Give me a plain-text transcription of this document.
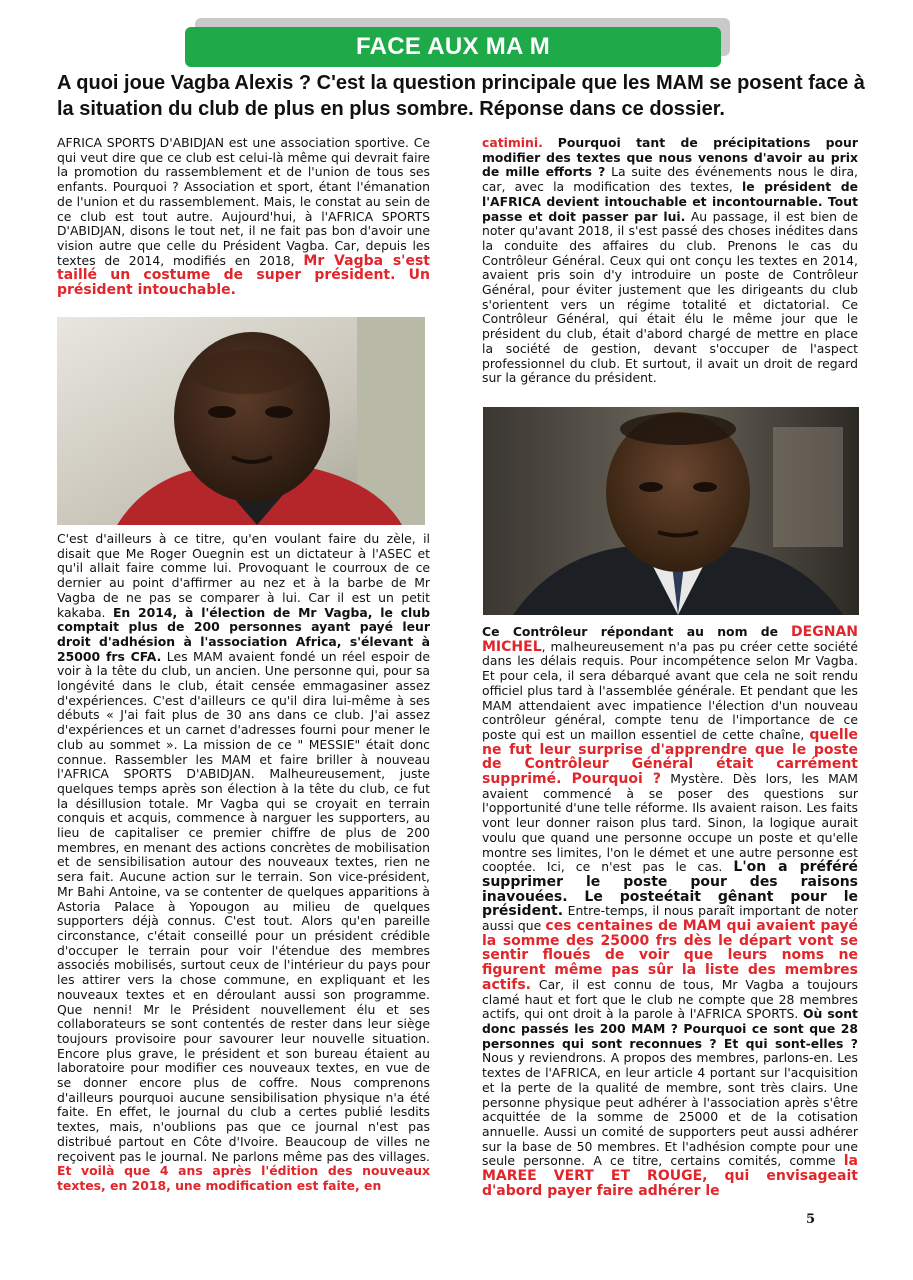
FACE AUX MA M
A quoi joue Vagba Alexis ? C'est la question principale que les MAM se posent face à la situation du club de plus en plus sombre. Réponse dans ce dossier.

AFRICA SPORTS D'ABIDJAN est une association sportive. Ce qui veut dire que ce club est celui-là même qui devrait faire la promotion du rassemblement et de l'union de tous ses enfants. Pourquoi ? Association et sport, étant l'émanation de l'union et du rassemblement. Mais, le constat au sein de ce club est tout autre. Aujourd'hui, à l'AFRICA SPORTS D'ABIDJAN, disons le tout net, il ne fait pas bon d'avoir une vision autre que celle du Président Vagba. Car, depuis les textes de 2014, modifiés en 2018, Mr Vagba s'est taillé un costume de super président. Un président intouchable.

C'est d'ailleurs à ce titre, qu'en voulant faire du zèle, il disait que Me Roger Ouegnin est un dictateur à l'ASEC et qu'il allait faire comme lui. Provoquant le courroux de ce dernier au point d'affirmer au nez et à la barbe de Mr Vagba de ne pas se comparer à lui. Car il est un petit kakaba. En 2014, à l'élection de Mr Vagba, le club comptait plus de 200 personnes ayant payé leur droit d'adhésion à l'association Africa, s'élevant à 25000 frs CFA. Les MAM avaient fondé un réel espoir de voir à la tête du club, un ancien. Une personne qui, pour sa longévité dans le club, était censée emmagasiner assez d'expériences. C'est d'ailleurs ce qu'il dira lui-même à ses débuts « J'ai fait plus de 30 ans dans ce club. J'ai assez d'expériences et un carnet d'adresses fourni pour mener le club au sommet ». La mission de ce " MESSIE" était donc connue. Rassembler les MAM et faire briller à nouveau l'AFRICA SPORTS D'ABIDJAN. Malheureusement, juste quelques temps après son élection à la tête du club, ce fut la désillusion totale. Mr Vagba qui se croyait en terrain conquis et acquis, commence à narguer les supporters, au lieu de capitaliser ce premier chiffre de plus de 200 membres, en menant des actions concrètes de mobilisation et de sensibilisation autour des nouveaux textes, rien ne sera fait. Aucune action sur le terrain. Son vice-président, Mr Bahi Antoine, va se contenter de quelques apparitions à Astoria Palace à Yopougon au milieu de quelques supporters déjà connus. C'est tout. Alors qu'en pareille circonstance, c'était conseillé pour un président crédible d'occuper le terrain pour voir l'étendue des membres associés mobilisés, surtout ceux de l'intérieur du pays pour les attirer vers la chose commune, en expliquant et les nouveaux textes et en déroulant aussi son programme. Que nenni! Mr le Président nouvellement élu et ses collaborateurs se sont contentés de rester dans leur siège toujours provisoire pour savourer leur nouvelle situation. Encore plus grave, le président et son bureau étaient au laboratoire pour modifier ces nouveaux textes, en vue de se donner encore plus de coffre. Nous comprenons d'ailleurs pourquoi aucune sensibilisation physique n'a été faite. En effet, le journal du club a certes publié lesdits textes, mais, n'oublions pas que ce journal n'est pas distribué partout en Côte d'Ivoire. Beaucoup de villes ne reçoivent pas le journal. Ne parlons même pas des villages. Et voilà que 4 ans après l'édition des nouveaux textes, en 2018, une modification est faite, en

catimini. Pourquoi tant de précipitations pour modifier des textes que nous venons d'avoir au prix de mille efforts ? La suite des événements nous le dira, car, avec la modification des textes, le président de l'AFRICA devient intouchable et incontournable. Tout passe et doit passer par lui. Au passage, il est bien de noter qu'avant 2018, il s'est passé des choses inédites dans la conduite des affaires du club. Prenons le cas du Contrôleur Général. Ceux qui ont conçu les textes en 2014, avaient pris soin d'y introduire un poste de Contrôleur Général, pour éviter justement que les dirigeants du club s'orientent vers un régime totalité et dictatorial. Ce Contrôleur Général, qui était élu le même jour que le président du club, était d'abord chargé de mettre en place la société de gestion, devant s'occuper de l'aspect professionnel du club. Et surtout, il avait un droit de regard sur la gérance du président.

Ce Contrôleur répondant au nom de DEGNAN MICHEL, malheureusement n'a pas pu créer cette société dans les délais requis. Pour incompétence selon Mr Vagba. Et pour cela, il sera débarqué avant que cela ne soit rendu officiel plus tard à l'assemblée générale. Et pendant que les MAM attendaient avec impatience l'élection d'un nouveau contrôleur général, compte tenu de l'importance de ce poste qui est un maillon essentiel de cette chaîne, quelle ne fut leur surprise d'apprendre que le poste de Contrôleur Général était carrément supprimé. Pourquoi ? Mystère. Dès lors, les MAM avaient commencé à se poser des questions sur l'opportunité d'une telle réforme. Ils avaient raison. Les faits vont leur donner raison plus tard. Sinon, la logique aurait voulu que quand une personne occupe un poste et qu'elle montre ses limites, l'on le démet et une autre personne est cooptée. Ici, ce n'est pas le cas. L'on a préféré supprimer le poste pour des raisons inavouées. Le posteétait gênant pour le président. Entre-temps, il nous paraît important de noter aussi que ces centaines de MAM qui avaient payé la somme des 25000 frs dès le départ vont se sentir floués de voir que leurs noms ne figurent même pas sûr la liste des membres actifs. Car, il est connu de tous, Mr Vagba a toujours clamé haut et fort que le club ne compte que 28 membres actifs, qui ont droit à la parole à l'AFRICA SPORTS. Où sont donc passés les 200 MAM ? Pourquoi ce sont que 28 personnes qui sont reconnues ? Et qui sont-elles ? Nous y reviendrons. A propos des membres, parlons-en. Les textes de l'AFRICA, en leur article 4 portant sur l'acquisition et la perte de la qualité de membre, sont très clairs. Une personne physique peut adhérer à l'association après s'être acquittée de la somme de 25000 et de la cotisation annuelle. Aussi un comité de supporters peut aussi adhérer sur la base de 50 membres. Et l'adhésion compte pour une seule personne. A ce titre, certains comités, comme la MAREE VERT ET ROUGE, qui envisageait d'abord payer faire adhérer le

5
